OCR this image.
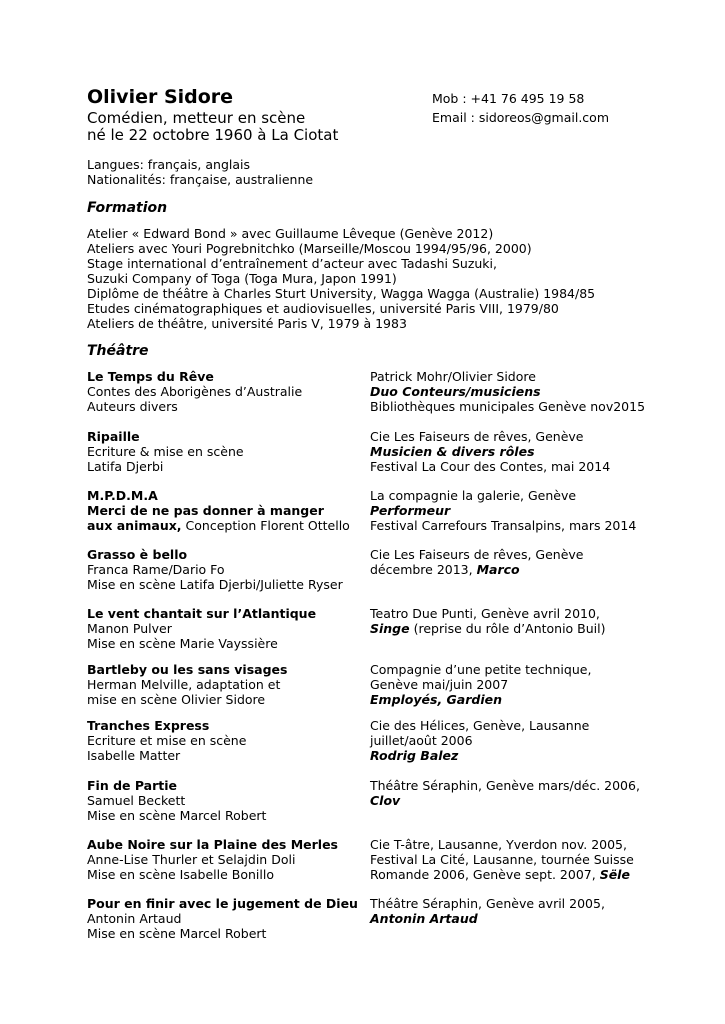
Olivier Sidore
Comédien, metteur en scène
né le 22 octobre 1960 à La Ciotat
Mob : +41 76 495 19 58
Email : sidoreos@gmail.com
Langues: français, anglais
Nationalités: française, australienne
Formation
Atelier « Edward Bond » avec Guillaume Lêveque (Genève 2012)
Ateliers avec Youri Pogrebnitchko (Marseille/Moscou 1994/95/96, 2000)
Stage international d’entraînement d’acteur avec Tadashi Suzuki,
Suzuki Company of Toga (Toga Mura, Japon 1991)
Diplôme de théâtre à Charles Sturt University, Wagga Wagga (Australie) 1984/85
Etudes cinématographiques et audiovisuelles, université Paris VIII, 1979/80
Ateliers de théâtre, université Paris V, 1979 à 1983
Théâtre
Le Temps du Rêve
Contes des Aborigènes d’Australie
Auteurs divers
Patrick Mohr/Olivier Sidore
Duo Conteurs/musiciens
Bibliothèques municipales Genève nov2015
Ripaille
Ecriture & mise en scène
Latifa Djerbi
Cie Les Faiseurs de rêves, Genève
Musicien & divers rôles
Festival La Cour des Contes, mai 2014
M.P.D.M.A
Merci de ne pas donner à manger
aux animaux, Conception Florent Ottello
La compagnie la galerie, Genève
Performeur
Festival Carrefours Transalpins, mars 2014
Grasso è bello
Franca Rame/Dario Fo
Mise en scène Latifa Djerbi/Juliette Ryser
Cie Les Faiseurs de rêves, Genève
décembre 2013, Marco
Le vent chantait sur l’Atlantique
Manon Pulver
Mise en scène Marie Vayssière
Teatro Due Punti, Genève avril 2010,
Singe (reprise du rôle d’Antonio Buil)
Bartleby ou les sans visages
Herman Melville, adaptation et
mise en scène Olivier Sidore
Compagnie d’une petite technique,
Genève mai/juin 2007
Employés, Gardien
Tranches Express
Ecriture et mise en scène
Isabelle Matter
Cie des Hélices, Genève, Lausanne
juillet/août 2006
Rodrig Balez
Fin de Partie
Samuel Beckett
Mise en scène Marcel Robert
Théâtre Séraphin, Genève mars/déc. 2006,
Clov
Aube Noire sur la Plaine des Merles
Anne-Lise Thurler et Selajdin Doli
Mise en scène Isabelle Bonillo
Cie T-âtre, Lausanne, Yverdon nov. 2005,
Festival La Cité, Lausanne, tournée Suisse
Romande 2006, Genève sept. 2007, Sële
Pour en finir avec le jugement de Dieu
Antonin Artaud
Mise en scène Marcel Robert
Théâtre Séraphin, Genève avril 2005,
Antonin Artaud
